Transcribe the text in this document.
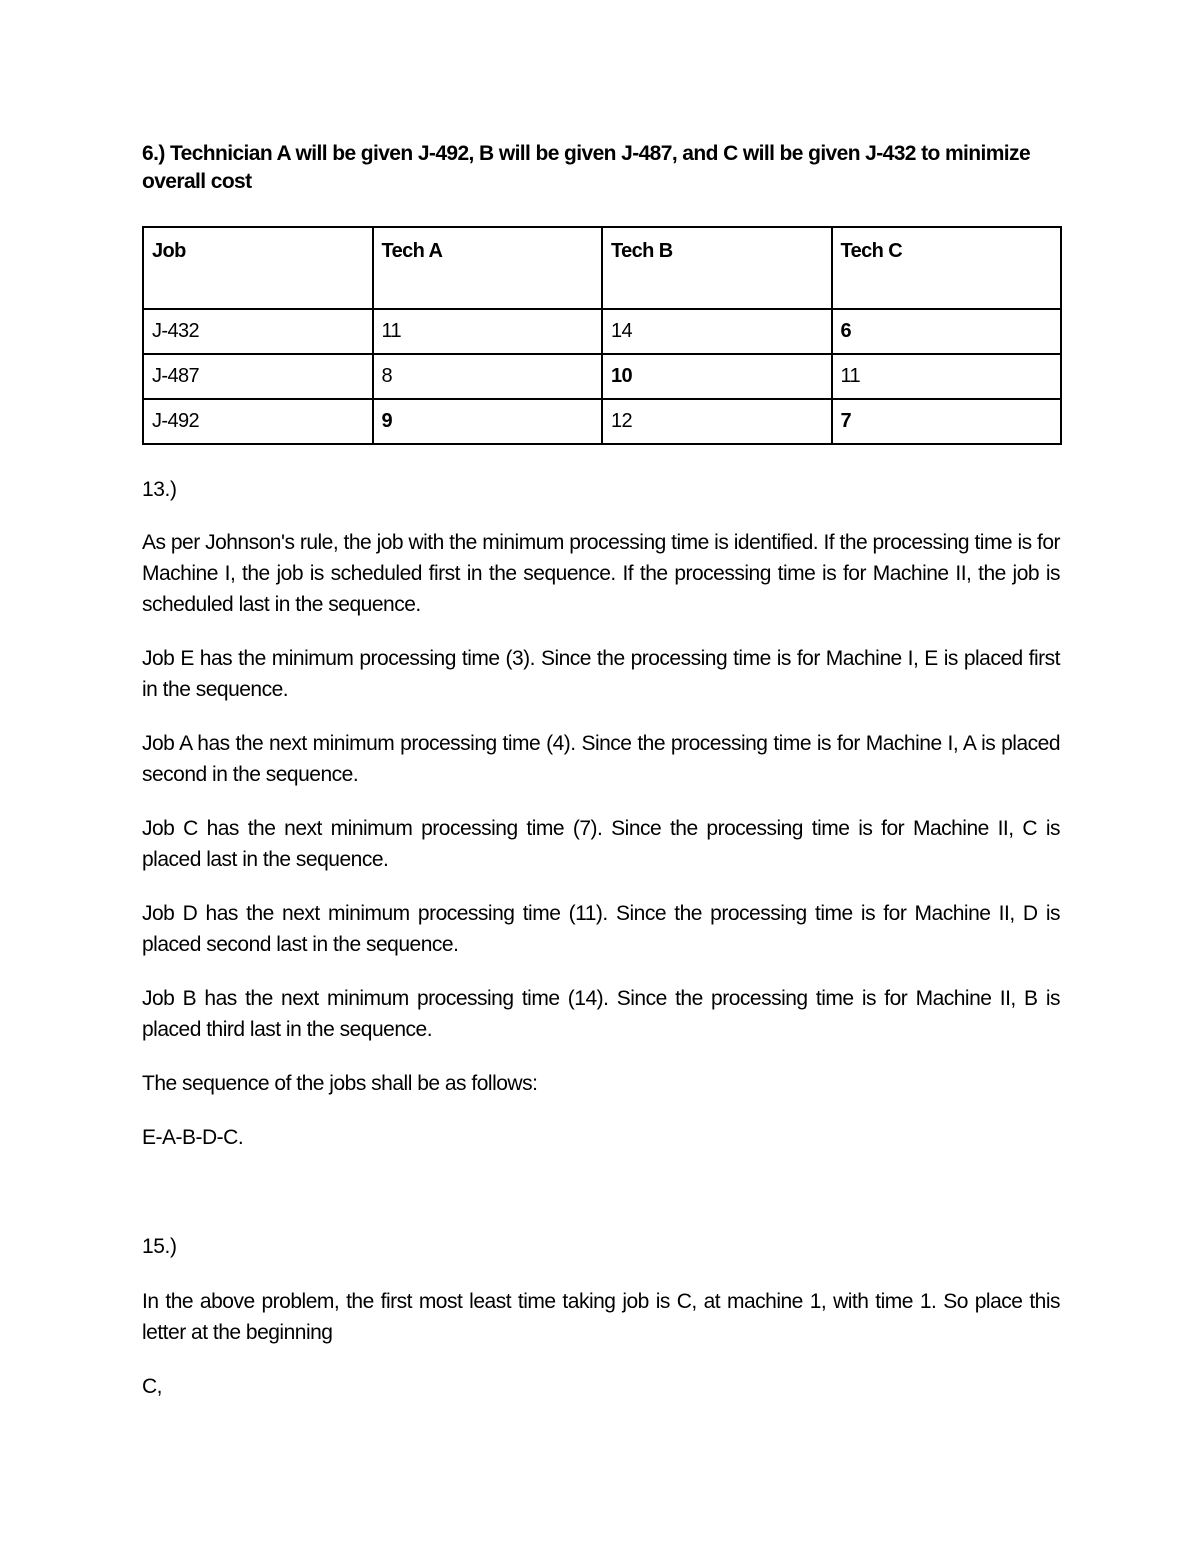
6.) Technician A will be given J-492, B will be given J-487, and C will be given J-432 to minimize overall cost

Job	Tech A	Tech B	Tech C
J-432	11	14	6
J-487	8	10	11
J-492	9	12	7

13.)

As per Johnson's rule, the job with the minimum processing time is identified. If the processing time is for Machine I, the job is scheduled first in the sequence. If the processing time is for Machine II, the job is scheduled last in the sequence.

Job E has the minimum processing time (3). Since the processing time is for Machine I, E is placed first in the sequence.

Job A has the next minimum processing time (4). Since the processing time is for Machine I, A is placed second in the sequence.

Job C has the next minimum processing time (7). Since the processing time is for Machine II, C is placed last in the sequence.

Job D has the next minimum processing time (11). Since the processing time is for Machine II, D is placed second last in the sequence.

Job B has the next minimum processing time (14). Since the processing time is for Machine II, B is placed third last in the sequence.

The sequence of the jobs shall be as follows:

E-A-B-D-C.

15.)

In the above problem, the first most least time taking job is C, at machine 1, with time 1. So place this letter at the beginning

C,
